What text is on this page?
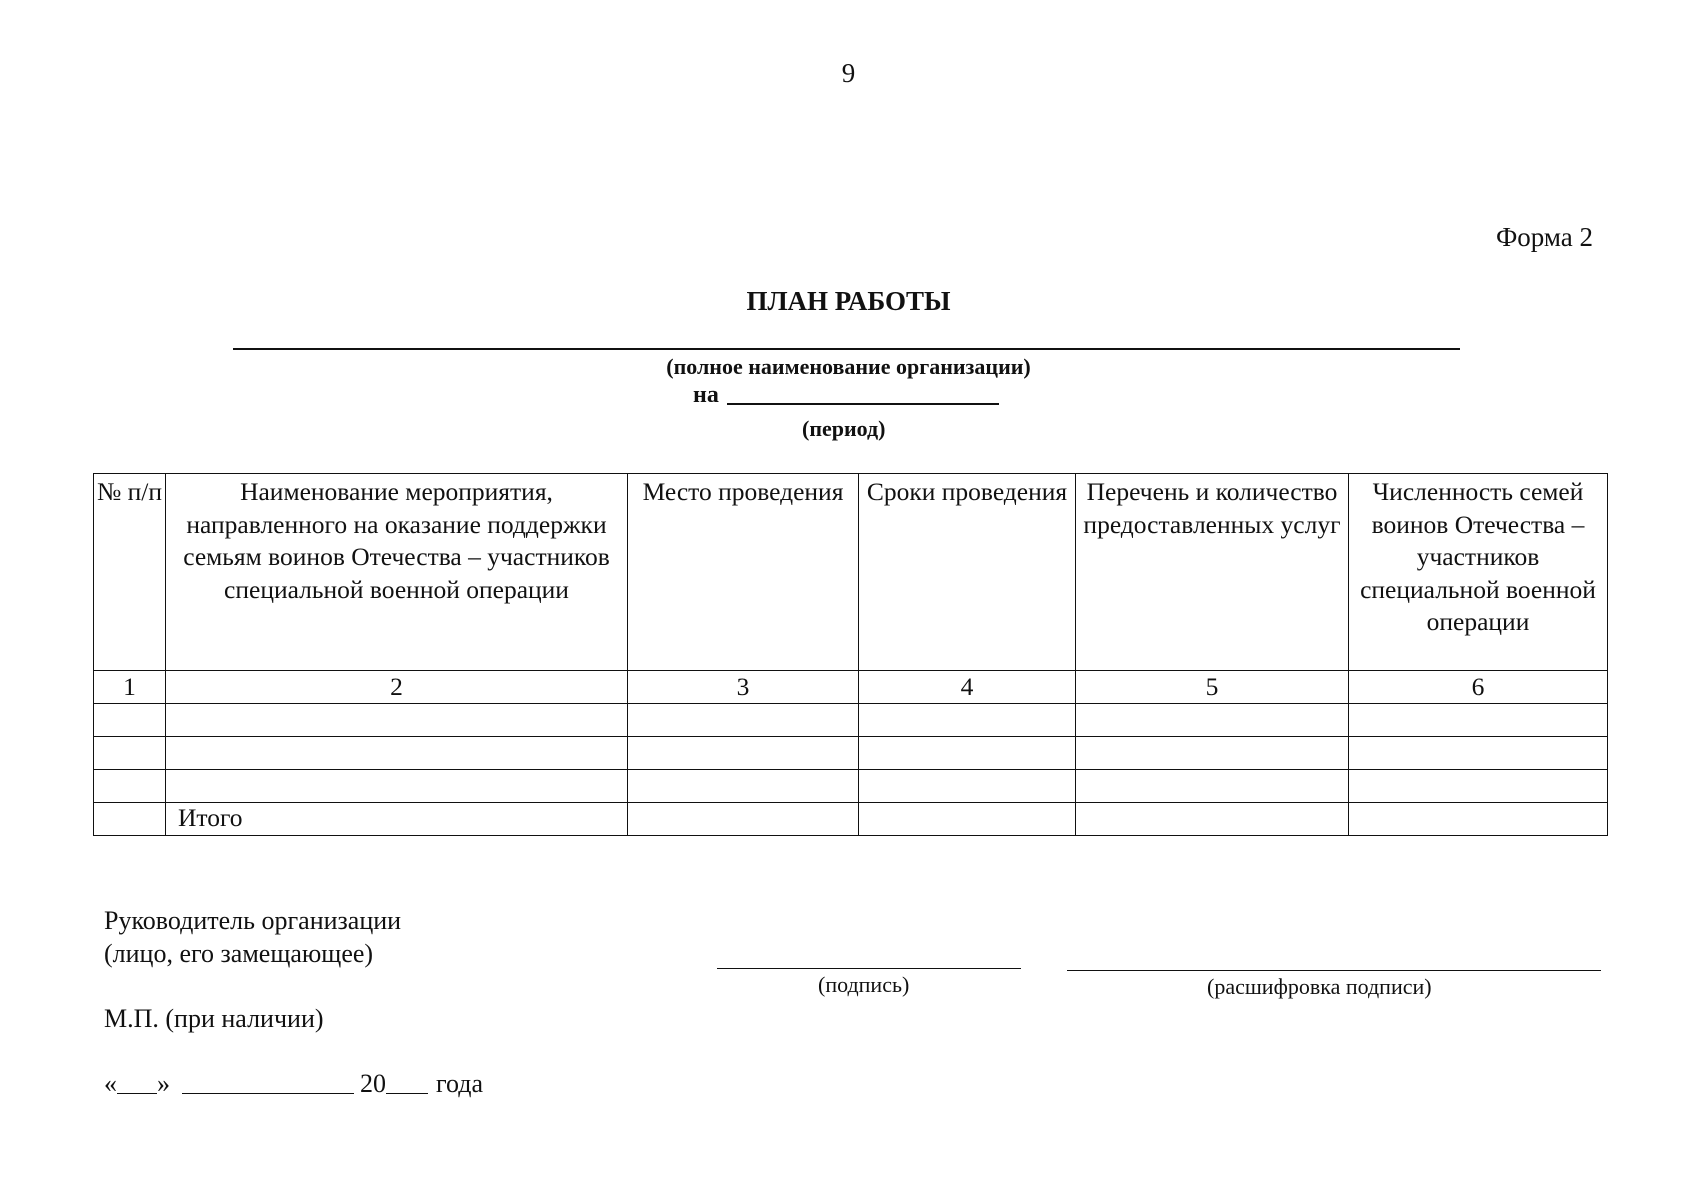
9
Форма 2
ПЛАН РАБОТЫ
(полное наименование организации)
на
(период)
№ п/п	Наименование мероприятия, направленного на оказание поддержки семьям воинов Отечества – участников специальной военной операции	Место проведения	Сроки проведения	Перечень и количество предоставленных услуг	Численность семей воинов Отечества – участников специальной военной операции
1	2	3	4	5	6

	Итого				
Руководитель организации
(лицо, его замещающее)
(подпись)	(расшифровка подписи)
М.П. (при наличии)
« »	20 года
